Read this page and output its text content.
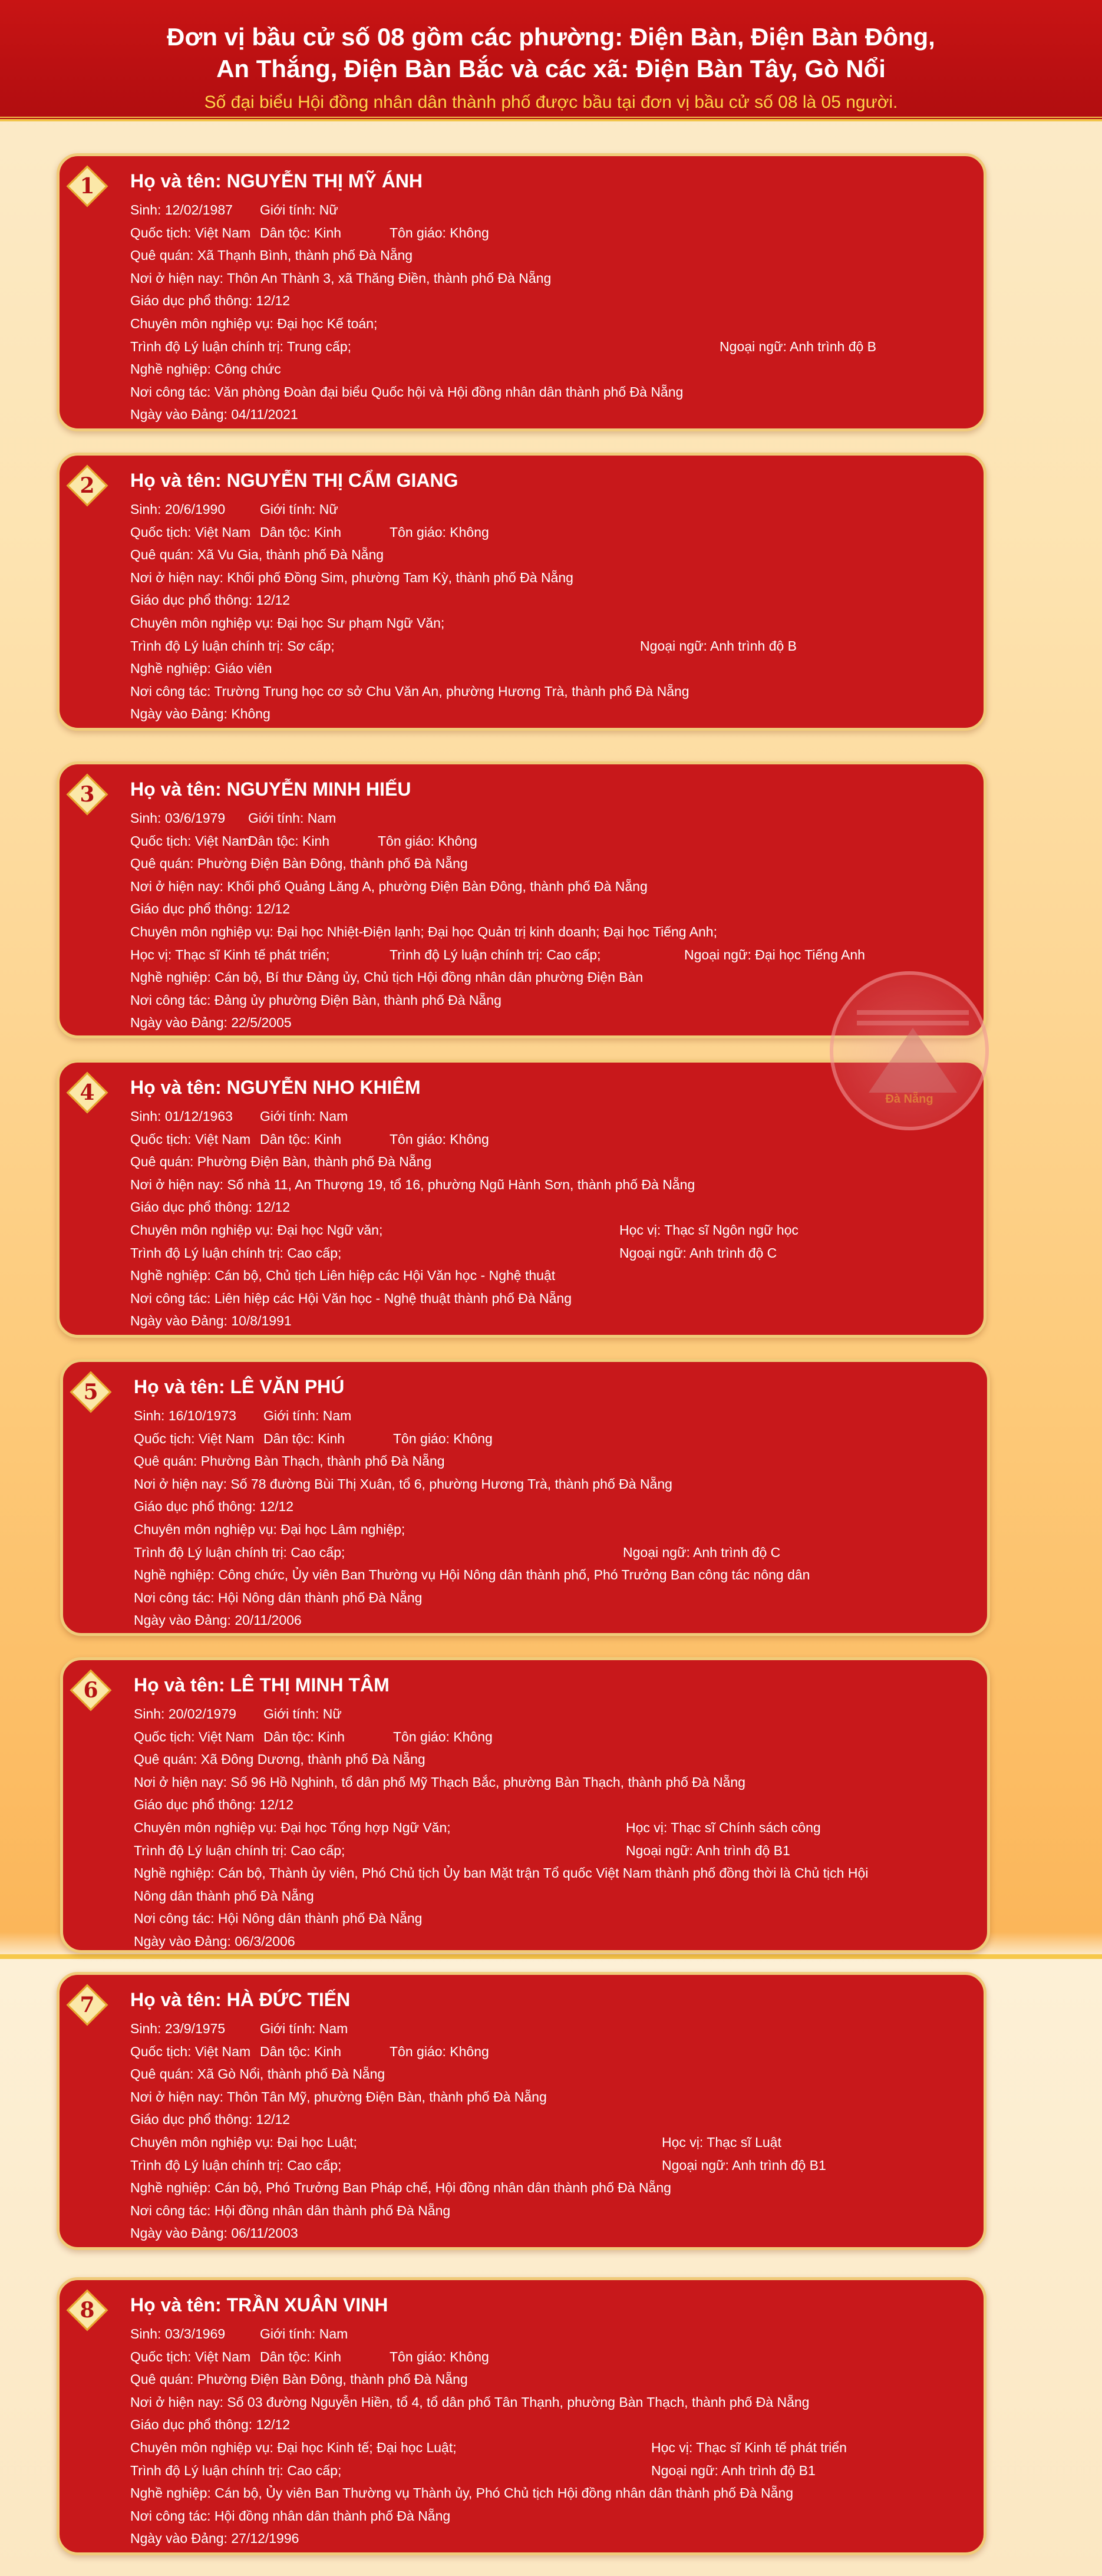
Đơn vị bầu cử số 08 gồm các phường: Điện Bàn, Điện Bàn Đông,
An Thắng, Điện Bàn Bắc và các xã: Điện Bàn Tây, Gò Nổi
Số đại biểu Hội đồng nhân dân thành phố được bầu tại đơn vị bầu cử số 08 là 05 người.
1	Họ và tên: NGUYỄN THỊ MỸ ÁNH
Sinh: 12/02/1987 Giới tính: Nữ
Quốc tịch: Việt Nam Dân tộc: Kinh	Tôn giáo: Không
Quê quán: Xã Thạnh Bình, thành phố Đà Nẵng
Nơi ở hiện nay: Thôn An Thành 3, xã Thăng Điền, thành phố Đà Nẵng
Giáo dục phổ thông: 12/12
Chuyên môn nghiệp vụ: Đại học Kế toán;
Trình độ Lý luận chính trị: Trung cấp;	Ngoại ngữ: Anh trình độ B
Nghề nghiệp: Công chức
Nơi công tác: Văn phòng Đoàn đại biểu Quốc hội và Hội đồng nhân dân thành phố Đà Nẵng
Ngày vào Đảng: 04/11/2021
2	Họ và tên: NGUYỄN THỊ CẨM GIANG
Sinh: 20/6/1990	Giới tính: Nữ
Quốc tịch: Việt Nam Dân tộc: Kinh	Tôn giáo: Không
Quê quán: Xã Vu Gia, thành phố Đà Nẵng
Nơi ở hiện nay: Khối phố Đồng Sim, phường Tam Kỳ, thành phố Đà Nẵng
Giáo dục phổ thông: 12/12
Chuyên môn nghiệp vụ: Đại học Sư phạm Ngữ Văn;
Trình độ Lý luận chính trị: Sơ cấp;	Ngoại ngữ: Anh trình độ B
Nghề nghiệp: Giáo viên
Nơi công tác: Trường Trung học cơ sở Chu Văn An, phường Hương Trà, thành phố Đà Nẵng
Ngày vào Đảng: Không
3	Họ và tên: NGUYỄN MINH HIẾU
Sinh: 03/6/1979 Giới tính: Nam
Quốc tịch: Việt Nam
Dân tộc: Kinh	Tôn giáo: Không
Quê quán: Phường Điện Bàn Đông, thành phố Đà Nẵng
Nơi ở hiện nay: Khối phố Quảng Lăng A, phường Điện Bàn Đông, thành phố Đà Nẵng
Giáo dục phổ thông: 12/12
Chuyên môn nghiệp vụ: Đại học Nhiệt-Điện lạnh; Đại học Quản trị kinh doanh; Đại học Tiếng Anh;
Học vị: Thạc sĩ Kinh tế phát triển;	Trình độ Lý luận chính trị: Cao cấp;	Ngoại ngữ: Đại học Tiếng Anh
Nghề nghiệp: Cán bộ, Bí thư Đảng ủy, Chủ tịch Hội đồng nhân dân phường Điện Bàn
Nơi công tác: Đảng ủy phường Điện Bàn, thành phố Đà Nẵng
Ngày vào Đảng: 22/5/2005
4	Họ và tên: NGUYỄN NHO KHIÊM
Sinh: 01/12/1963 Giới tính: Nam
Quốc tịch: Việt Nam Dân tộc: Kinh	Tôn giáo: Không
Quê quán: Phường Điện Bàn, thành phố Đà Nẵng
Nơi ở hiện nay: Số nhà 11, An Thượng 19, tổ 16, phường Ngũ Hành Sơn, thành phố Đà Nẵng
Giáo dục phổ thông: 12/12
Chuyên môn nghiệp vụ: Đại học Ngữ văn;	Học vị: Thạc sĩ Ngôn ngữ học
Trình độ Lý luận chính trị: Cao cấp;	Ngoại ngữ: Anh trình độ C
Nghề nghiệp: Cán bộ, Chủ tịch Liên hiệp các Hội Văn học - Nghệ thuật
Nơi công tác: Liên hiệp các Hội Văn học - Nghệ thuật thành phố Đà Nẵng
Ngày vào Đảng: 10/8/1991
5	Họ và tên: LÊ VĂN PHÚ
Sinh: 16/10/1973 Giới tính: Nam
Quốc tịch: Việt Nam Dân tộc: Kinh	Tôn giáo: Không
Quê quán: Phường Bàn Thạch, thành phố Đà Nẵng
Nơi ở hiện nay: Số 78 đường Bùi Thị Xuân, tổ 6, phường Hương Trà, thành phố Đà Nẵng
Giáo dục phổ thông: 12/12
Chuyên môn nghiệp vụ: Đại học Lâm nghiệp;
Trình độ Lý luận chính trị: Cao cấp;	Ngoại ngữ: Anh trình độ C
Nghề nghiệp: Công chức, Ủy viên Ban Thường vụ Hội Nông dân thành phố, Phó Trưởng Ban công tác nông dân
Nơi công tác: Hội Nông dân thành phố Đà Nẵng
Ngày vào Đảng: 20/11/2006
6	Họ và tên: LÊ THỊ MINH TÂM
Sinh: 20/02/1979 Giới tính: Nữ
Quốc tịch: Việt Nam Dân tộc: Kinh	Tôn giáo: Không
Quê quán: Xã Đông Dương, thành phố Đà Nẵng
Nơi ở hiện nay: Số 96 Hồ Nghinh, tổ dân phố Mỹ Thạch Bắc, phường Bàn Thạch, thành phố Đà Nẵng
Giáo dục phổ thông: 12/12
Chuyên môn nghiệp vụ: Đại học Tổng hợp Ngữ Văn;	Học vị: Thạc sĩ Chính sách công
Trình độ Lý luận chính trị: Cao cấp;	Ngoại ngữ: Anh trình độ B1
Nghề nghiệp: Cán bộ, Thành ủy viên, Phó Chủ tịch Ủy ban Mặt trận Tổ quốc Việt Nam thành phố đồng thời là Chủ tịch Hội
Nông dân thành phố Đà Nẵng
Nơi công tác: Hội Nông dân thành phố Đà Nẵng
Ngày vào Đảng: 06/3/2006
7	Họ và tên: HÀ ĐỨC TIẾN
Sinh: 23/9/1975	Giới tính: Nam
Quốc tịch: Việt Nam Dân tộc: Kinh	Tôn giáo: Không
Quê quán: Xã Gò Nổi, thành phố Đà Nẵng
Nơi ở hiện nay: Thôn Tân Mỹ, phường Điện Bàn, thành phố Đà Nẵng
Giáo dục phổ thông: 12/12
Chuyên môn nghiệp vụ: Đại học Luật;	Học vị: Thạc sĩ Luật
Trình độ Lý luận chính trị: Cao cấp;	Ngoại ngữ: Anh trình độ B1
Nghề nghiệp: Cán bộ, Phó Trưởng Ban Pháp chế, Hội đồng nhân dân thành phố Đà Nẵng
Nơi công tác: Hội đồng nhân dân thành phố Đà Nẵng
Ngày vào Đảng: 06/11/2003
8	Họ và tên: TRẦN XUÂN VINH
Sinh: 03/3/1969	Giới tính: Nam
Quốc tịch: Việt Nam Dân tộc: Kinh	Tôn giáo: Không
Quê quán: Phường Điện Bàn Đông, thành phố Đà Nẵng
Nơi ở hiện nay: Số 03 đường Nguyễn Hiền, tổ 4, tổ dân phố Tân Thạnh, phường Bàn Thạch, thành phố Đà Nẵng
Giáo dục phổ thông: 12/12
Chuyên môn nghiệp vụ: Đại học Kinh tế; Đại học Luật;	Học vị: Thạc sĩ Kinh tế phát triển
Trình độ Lý luận chính trị: Cao cấp;	Ngoại ngữ: Anh trình độ B1
Nghề nghiệp: Cán bộ, Ủy viên Ban Thường vụ Thành ủy, Phó Chủ tịch Hội đồng nhân dân thành phố Đà Nẵng
Nơi công tác: Hội đồng nhân dân thành phố Đà Nẵng
Ngày vào Đảng: 27/12/1996
Đà Nẵng
